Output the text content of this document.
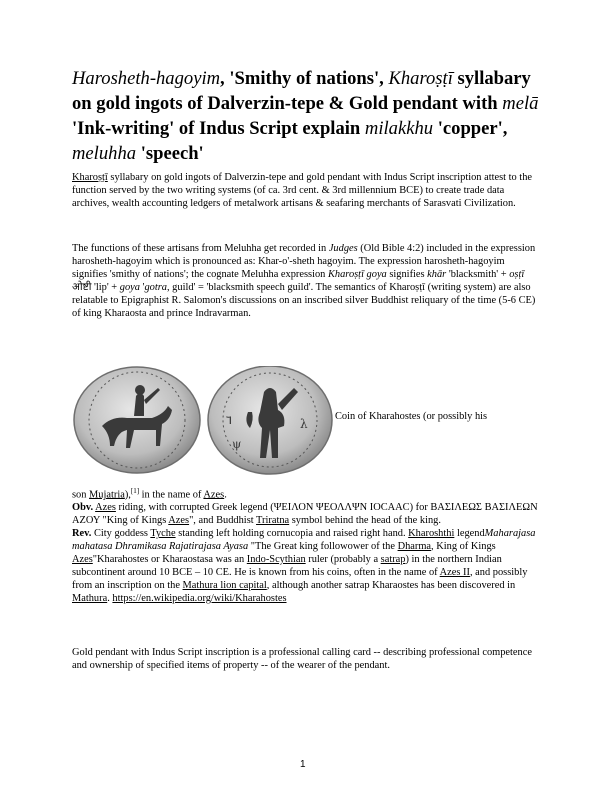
Harosheth-hagoyim, 'Smithy of nations', Kharoṣṭī syllabary on gold ingots of Dalverzin-tepe & Gold pendant with melā 'Ink-writing' of Indus Script explain milakkhu 'copper', meluhha 'speech'

Kharoṣṭī syllabary on gold ingots of Dalverzin-tepe and gold pendant with Indus Script inscription attest to the function served by the two writing systems (of ca. 3rd cent. & 3rd millennium BCE) to create trade data archives, wealth accounting ledgers of metalwork artisans & seafaring merchants of Sarasvati Civilization.

The functions of these artisans from Meluhha get recorded in Judges (Old Bible 4:2) included in the expression harosheth-hagoyim which is pronounced as: Khar-o'-sheth hagoyim. The expression harosheth-hagoyim signifies 'smithy of nations'; the cognate Meluhha expression Kharoṣṭī goya signifies khār 'blacksmith' + oṣṭī ओष्टी 'lip' + goya 'gotra, guild' = 'blacksmith speech guild'. The semantics of Kharoṣṭī (writing system) are also relatable to Epigraphist R. Salomon's discussions on an inscribed silver Buddhist reliquary of the time (5-6 CE) of king Kharaosta and prince Indravarman.

ꭋ
ψ
λ
Coin of Kharahostes (or possibly his

son Mujatria),[1] in the name of Azes.
Obv. Azes riding, with corrupted Greek legend (ΨΕΙΛΟΝ ΨΕΟΛΛΨΝ ΙΟCΑΑC) for ΒΑΣΙΛΕΩΣ ΒΑΣΙΛΕΩΝ ΑΖΟΥ "King of Kings Azes", and Buddhist Triratna symbol behind the head of the king.
Rev. City goddess Tyche standing left holding cornucopia and raised right hand. Kharoshthi legendMaharajasa mahatasa Dhramikasa Rajatirajasa Ayasa "The Great king followower of the Dharma, King of Kings Azes"Kharahostes or Kharaostasa was an Indo-Scythian ruler (probably a satrap) in the northern Indian subcontinent around 10 BCE – 10 CE. He is known from his coins, often in the name of Azes II, and possibly from an inscription on the Mathura lion capital, although another satrap Kharaostes has been discovered in Mathura. https://en.wikipedia.org/wiki/Kharahostes

Gold pendant with Indus Script inscription is a professional calling card -- describing professional competence and ownership of specified items of property -- of the wearer of the pendant.

1
